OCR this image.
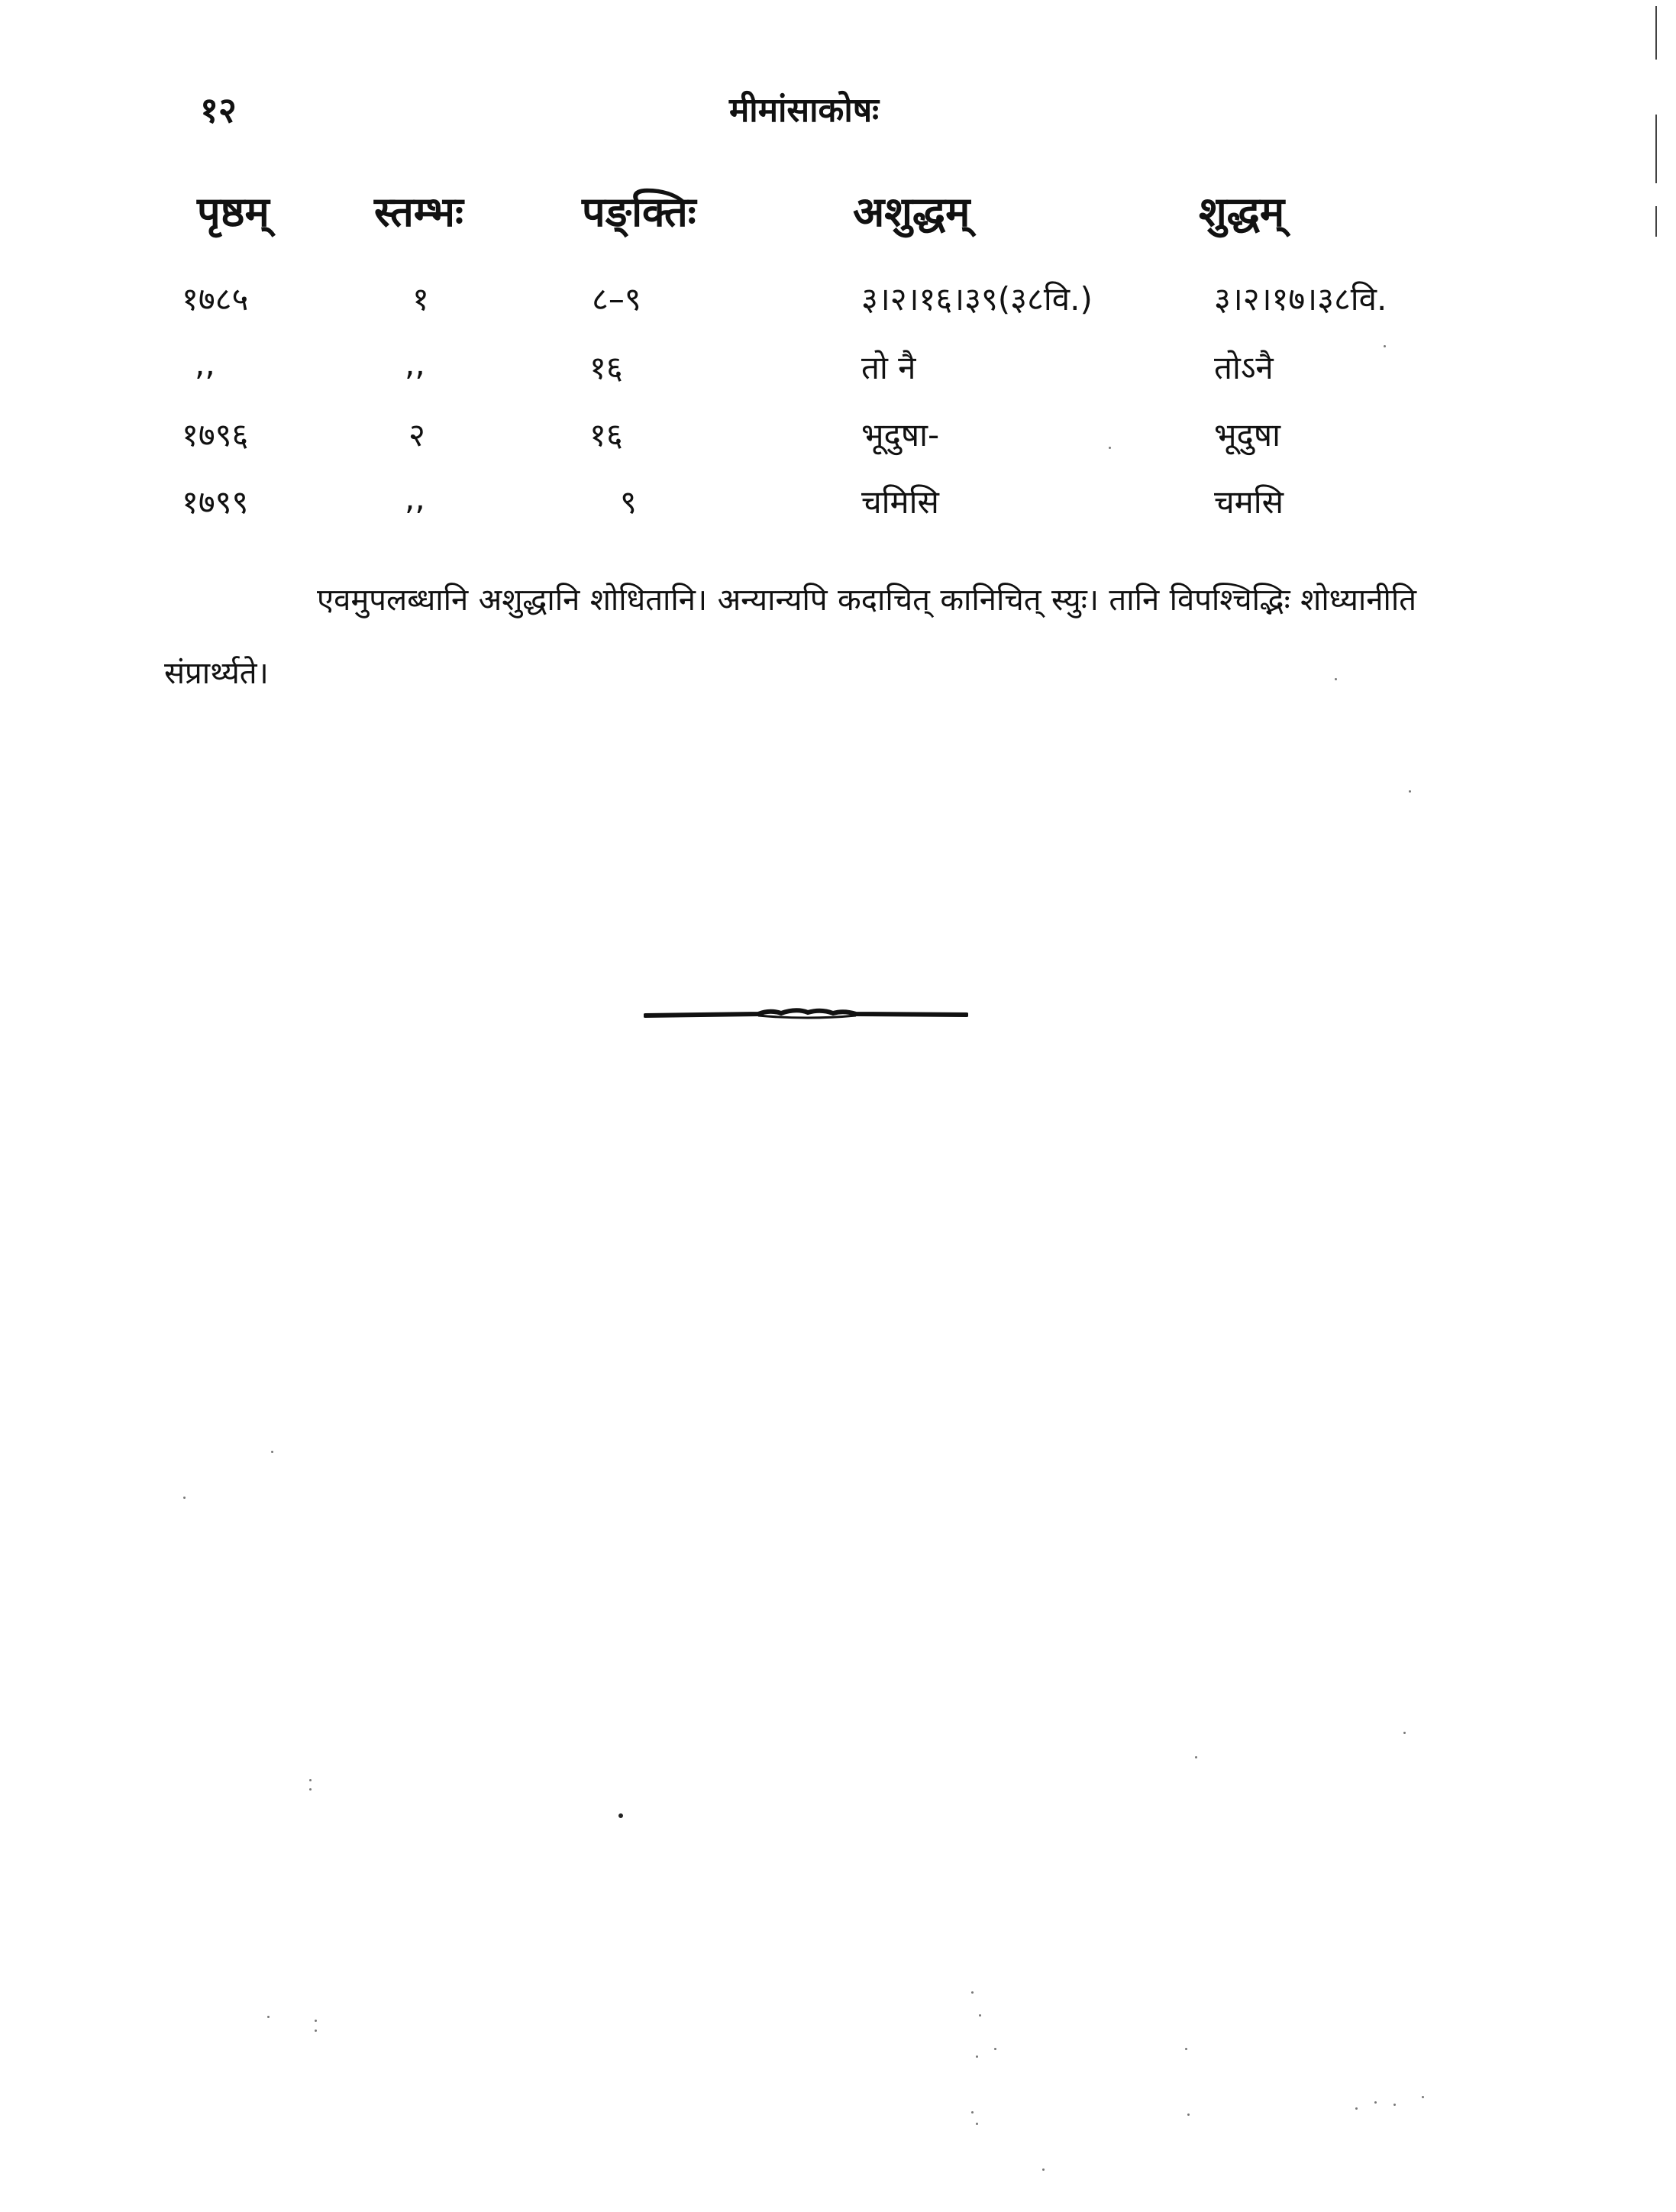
१२	मीमांसाकोषः
पृष्ठम्	स्तम्भः	पङ्क्तिः	अशुद्धम्	शुद्धम्
१७८५	१	८–९	३।२।१६।३९(३८वि.)	३।२।१७।३८वि.
,,	,,	१६	तो नै	तोऽनै
१७९६	२	१६	भूदुषा-	भूदुषा
१७९९	,,	९	चमिसि	चमसि

एवमुपलब्धानि अशुद्धानि शोधितानि। अन्यान्यपि कदाचित् कानिचित् स्युः। तानि विपश्चिद्भिः शोध्यानीति संप्रार्थ्यते।
